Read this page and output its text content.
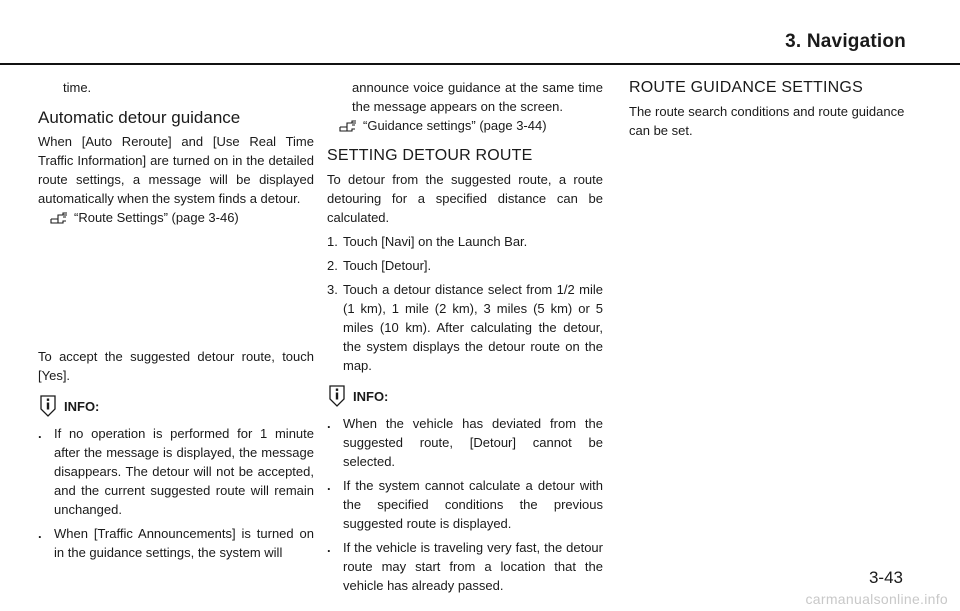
3. Navigation

time.

Automatic detour guidance

When [Auto Reroute] and [Use Real Time Traffic Information] are turned on in the detailed route settings, a message will be displayed automatically when the system finds a detour.

“Route Settings” (page 3-46)

To accept the suggested detour route, touch [Yes].

INFO:
. If no operation is performed for 1 minute after the message is displayed, the message disappears. The detour will not be accepted, and the current suggested route will remain unchanged.
. When [Traffic Announcements] is turned on in the guidance settings, the system will

announce voice guidance at the same time the message appears on the screen.

“Guidance settings” (page 3-44)
SETTING DETOUR ROUTE

To detour from the suggested route, a route detouring for a specified distance can be calculated.

1. Touch [Navi] on the Launch Bar.
2. Touch [Detour].
3. Touch a detour distance select from 1/2 mile (1 km), 1 mile (2 km), 3 miles (5 km) or 5 miles (10 km). After calculating the detour, the system displays the detour route on the map.
INFO:
. When the vehicle has deviated from the suggested route, [Detour] cannot be selected.
. If the system cannot calculate a detour with the specified conditions the previous suggested route is displayed.
. If the vehicle is traveling very fast, the detour route may start from a location that the vehicle has already passed.
ROUTE GUIDANCE SETTINGS

The route search conditions and route guidance can be set.

3-43
carmanualsonline.info
